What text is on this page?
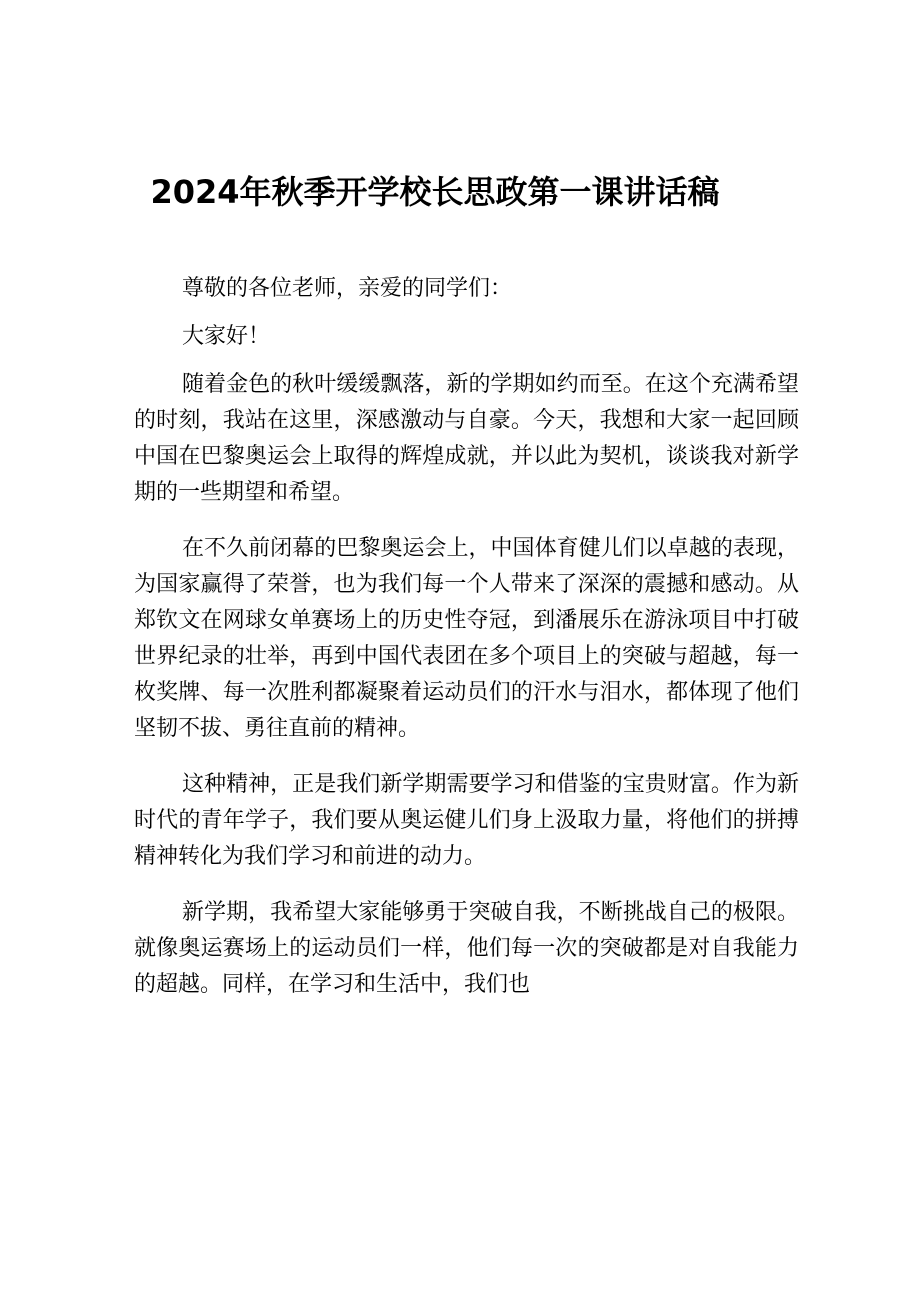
2024年秋季开学校长思政第一课讲话稿

尊敬的各位老师，亲爱的同学们：

大家好！

随着金色的秋叶缓缓飘落，新的学期如约而至。在这个充满希望的时刻，我站在这里，深感激动与自豪。今天，我想和大家一起回顾中国在巴黎奥运会上取得的辉煌成就，并以此为契机，谈谈我对新学期的一些期望和希望。

在不久前闭幕的巴黎奥运会上，中国体育健儿们以卓越的表现，为国家赢得了荣誉，也为我们每一个人带来了深深的震撼和感动。从郑钦文在网球女单赛场上的历史性夺冠，到潘展乐在游泳项目中打破世界纪录的壮举，再到中国代表团在多个项目上的突破与超越，每一枚奖牌、每一次胜利都凝聚着运动员们的汗水与泪水，都体现了他们坚韧不拔、勇往直前的精神。

这种精神，正是我们新学期需要学习和借鉴的宝贵财富。作为新时代的青年学子，我们要从奥运健儿们身上汲取力量，将他们的拼搏精神转化为我们学习和前进的动力。

新学期，我希望大家能够勇于突破自我，不断挑战自己的极限。就像奥运赛场上的运动员们一样，他们每一次的突破都是对自我能力的超越。同样，在学习和生活中，我们也
